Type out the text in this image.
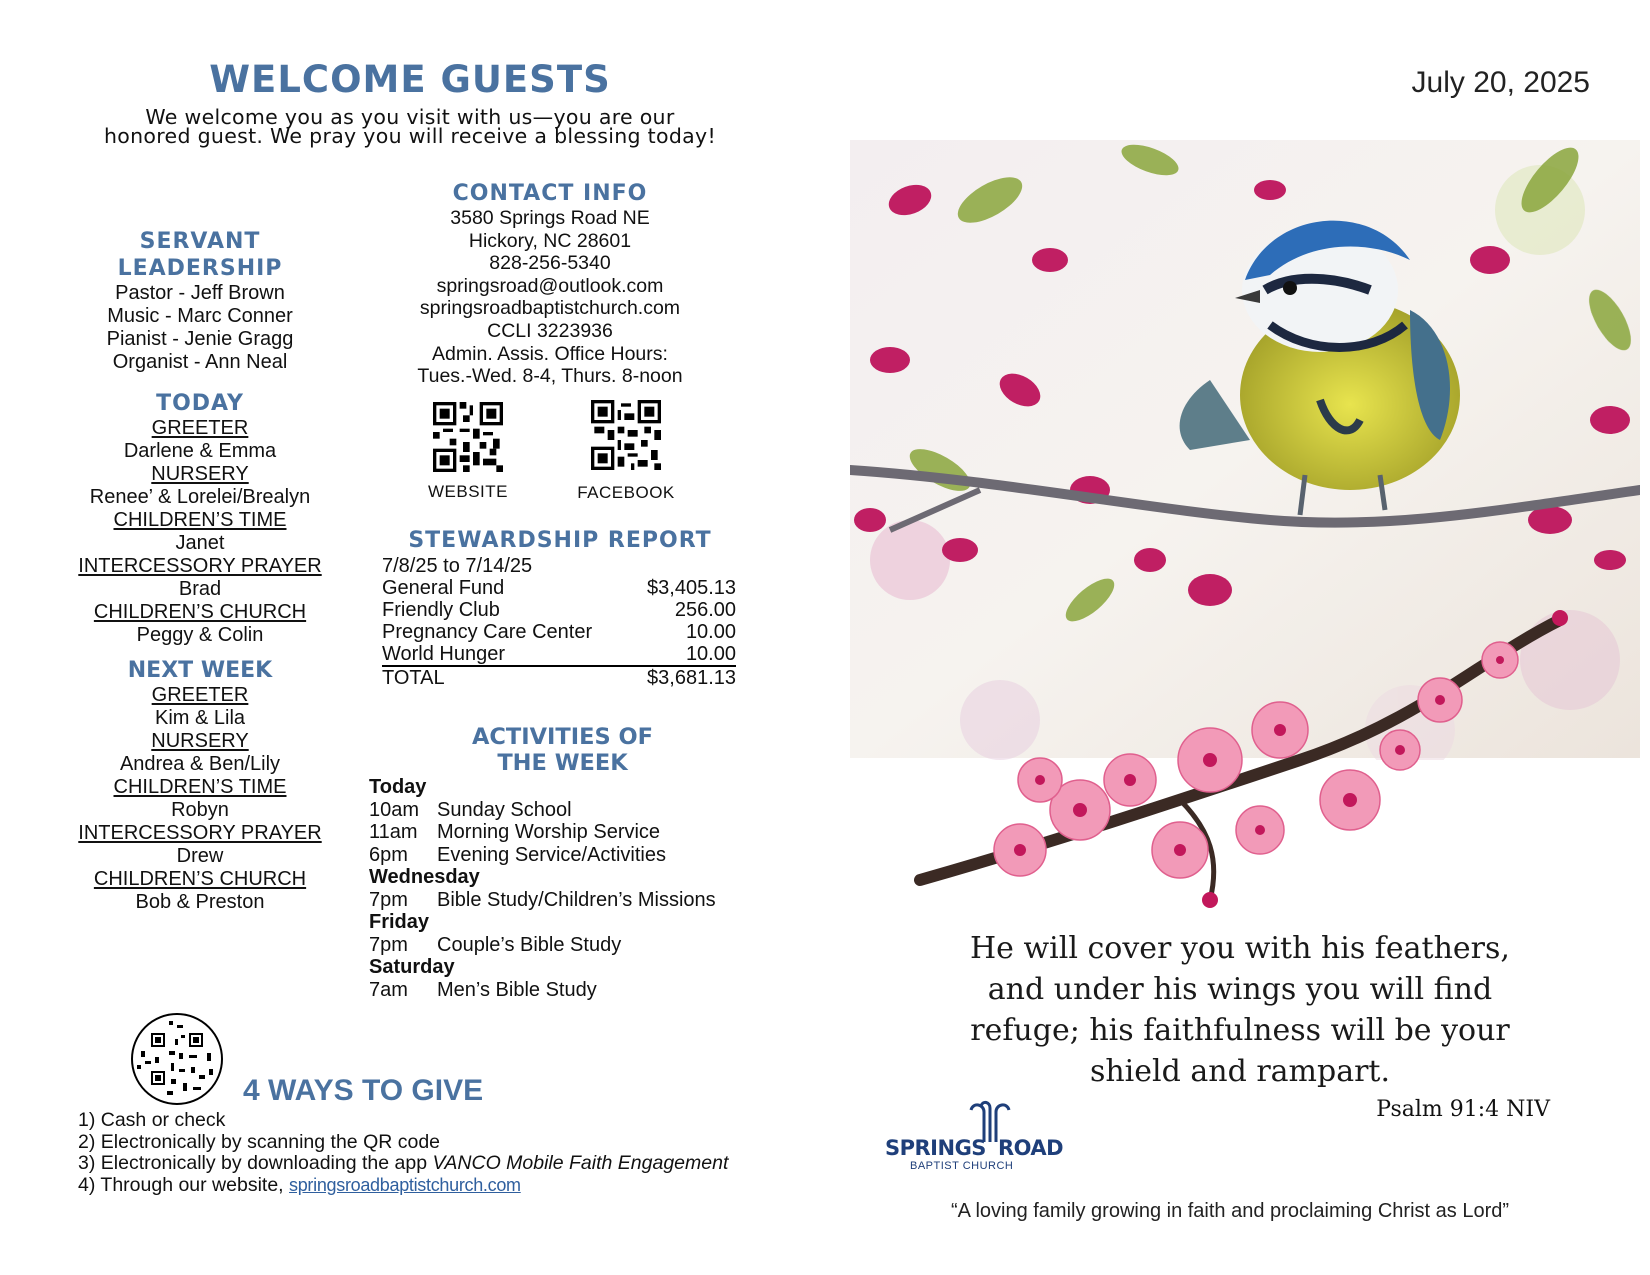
WELCOME GUESTS
We welcome you as you visit with us—you are our
honored guest. We pray you will receive a blessing today!
SERVANT
LEADERSHIP
Pastor - Jeff Brown
Music - Marc Conner
Pianist - Jenie Gragg
Organist - Ann Neal
TODAY
GREETER
Darlene & Emma
NURSERY
Renee’ & Lorelei/Brealyn
CHILDREN’S TIME
Janet
INTERCESSORY PRAYER
Brad
CHILDREN’S CHURCH
Peggy & Colin
NEXT WEEK
GREETER
Kim & Lila
NURSERY
Andrea & Ben/Lily
CHILDREN’S TIME
Robyn
INTERCESSORY PRAYER
Drew
CHILDREN’S CHURCH
Bob & Preston
CONTACT INFO
3580 Springs Road NE
Hickory, NC 28601
828-256-5340
springsroad@outlook.com
springsroadbaptistchurch.com
CCLI 3223936
Admin. Assis. Office Hours:
Tues.-Wed. 8-4, Thurs. 8-noon
WEBSITE	FACEBOOK
STEWARDSHIP REPORT
7/8/25 to 7/14/25
General Fund	$3,405.13
Friendly Club	256.00
Pregnancy Care Center	10.00
World Hunger	10.00
TOTAL	$3,681.13
ACTIVITIES OF
THE WEEK
Today
10am Sunday School
11am Morning Worship Service
6pm	Evening Service/Activities
Wednesday
7pm	Bible Study/Children’s Missions
Friday
7pm	Couple’s Bible Study
Saturday
7am	Men’s Bible Study
4 WAYS TO GIVE
1) Cash or check
2) Electronically by scanning the QR code
3) Electronically by downloading the app VANCO Mobile Faith Engagement
4) Through our website, springsroadbaptistchurch.com
July 20, 2025
He will cover you with his feathers,
and under his wings you will find
refuge; his faithfulness will be your
shield and rampart.
Psalm 91:4 NIV
SPRINGS ROAD
BAPTIST CHURCH
“A loving family growing in faith and proclaiming Christ as Lord”
